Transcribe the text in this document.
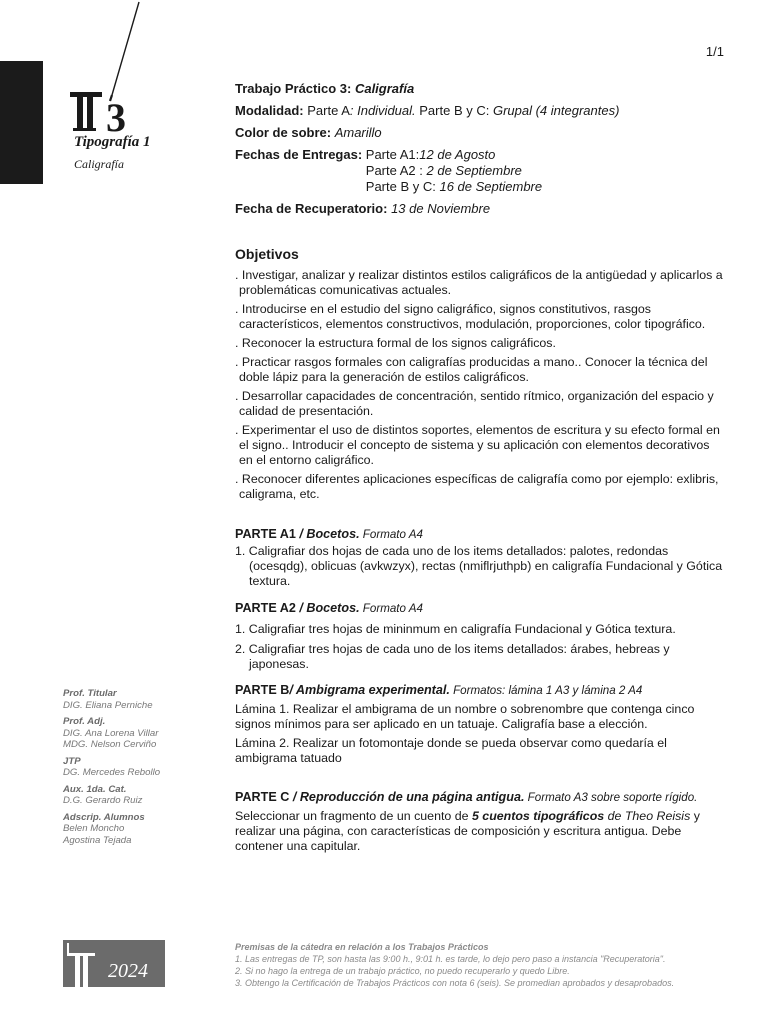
3
Tipografía 1
Caligrafía
1/1
Trabajo Práctico 3: Caligrafía
Modalidad: Parte A: Individual. Parte B y C: Grupal (4 integrantes)
Color de sobre: Amarillo
Fechas de Entregas: Parte A1:12 de Agosto
Parte A2 : 2 de Septiembre
Parte B y C: 16 de Septiembre
Fecha de Recuperatorio: 13 de Noviembre
Objetivos
. Investigar, analizar y realizar distintos estilos caligráficos de la antigüedad y aplicarlos a problemáticas comunicativas actuales.
. Introducirse en el estudio del signo caligráfico, signos constitutivos, rasgos característicos, elementos constructivos, modulación, proporciones, color tipográfico.
. Reconocer la estructura formal de los signos caligráficos.
. Practicar rasgos formales con caligrafías producidas a mano.. Conocer la técnica del doble lápiz para la generación de estilos caligráficos.
. Desarrollar capacidades de concentración, sentido rítmico, organización del espacio y calidad de presentación.
. Experimentar el uso de distintos soportes, elementos de escritura y su efecto formal en el signo.. Introducir el concepto de sistema y su aplicación con elementos decorativos en el entorno caligráfico.
. Reconocer diferentes aplicaciones específicas de caligrafía como por ejemplo: exlibris, caligrama, etc.
PARTE A1 / Bocetos. Formato A4
1. Caligrafiar dos hojas de cada uno de los items detallados: palotes, redondas (ocesqdg), oblicuas (avkwzyx), rectas (nmiflrjuthpb) en caligrafía Fundacional y Gótica textura.
PARTE A2 / Bocetos. Formato A4
1. Caligrafiar tres hojas de mininmum en caligrafía Fundacional y Gótica textura.
2. Caligrafiar tres hojas de cada uno de los items detallados: árabes, hebreas y japonesas.
PARTE B/ Ambigrama experimental. Formatos: lámina 1 A3 y lámina 2 A4
Lámina 1. Realizar el ambigrama de un nombre o sobrenombre que contenga cinco signos mínimos para ser aplicado en un tatuaje. Caligrafía base a elección.
Lámina 2. Realizar un fotomontaje donde se pueda observar como quedaría el ambigrama tatuado
PARTE C / Reproducción de una página antigua. Formato A3 sobre soporte rígido.
Seleccionar un fragmento de un cuento de 5 cuentos tipográficos de Theo Reisis y realizar una página, con características de composición y escritura antigua. Debe contener una capitular.
Prof. Titular
DIG. Eliana Perniche
Prof. Adj.
DIG. Ana Lorena Villar
MDG. Nelson Cerviño
JTP
DG. Mercedes Rebollo
Aux. 1da. Cat.
D.G. Gerardo Ruiz
Adscrip. Alumnos
Belen Moncho
Agostina Tejada
2024
Premisas de la cátedra en relación a los Trabajos Prácticos
1. Las entregas de TP, son hasta las 9:00 h., 9:01 h. es tarde, lo dejo pero paso a instancia "Recuperatoria".
2. Si no hago la entrega de un trabajo práctico, no puedo recuperarlo y quedo Libre.
3. Obtengo la Certificación de Trabajos Prácticos con nota 6 (seis). Se promedian aprobados y desaprobados.
